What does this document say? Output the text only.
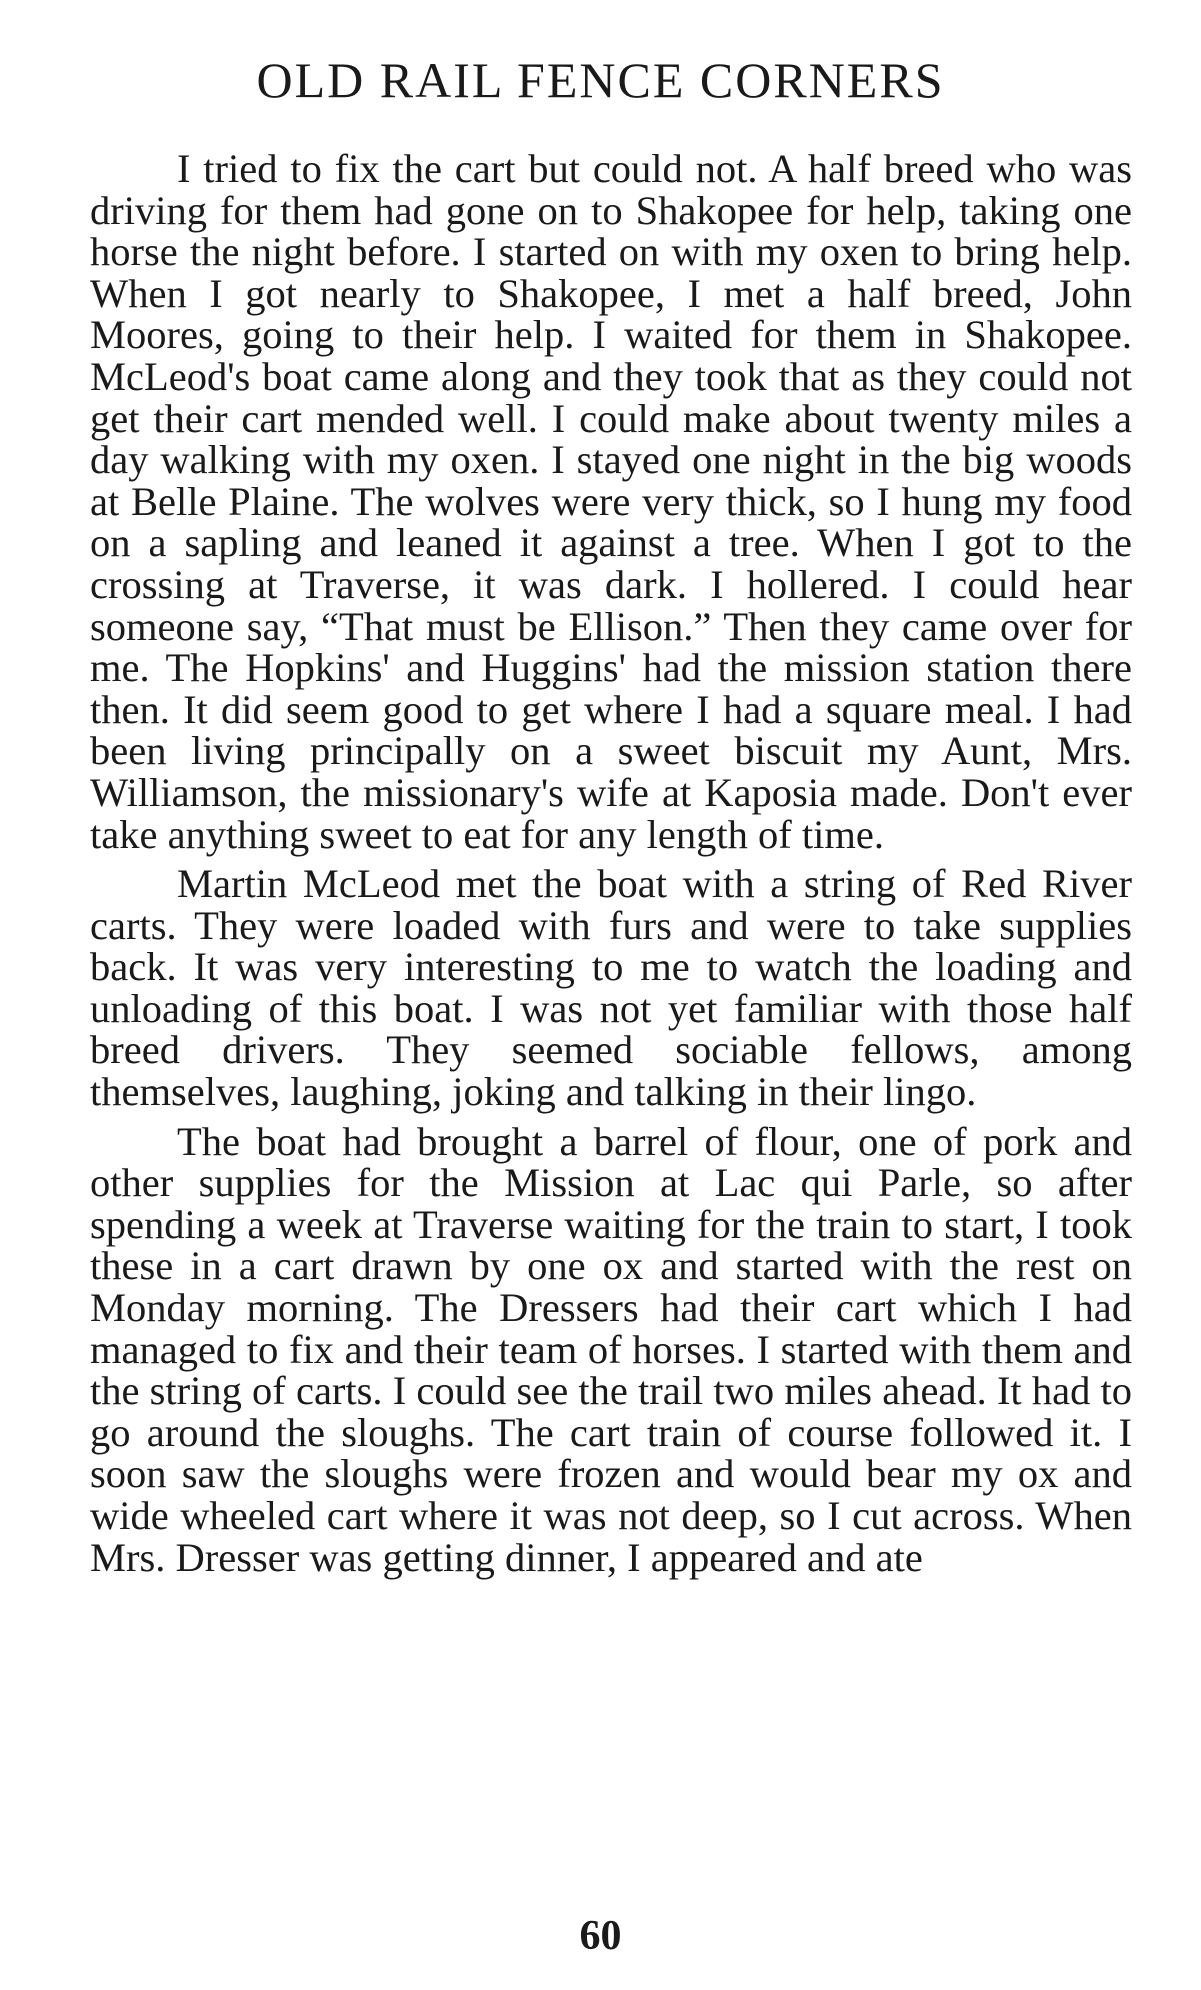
OLD RAIL FENCE CORNERS

I tried to fix the cart but could not. A half breed who was driving for them had gone on to Shakopee for help, taking one horse the night before. I started on with my oxen to bring help. When I got nearly to Shakopee, I met a half breed, John Moores, going to their help. I waited for them in Shakopee. McLeod's boat came along and they took that as they could not get their cart mended well. I could make about twenty miles a day walking with my oxen. I stayed one night in the big woods at Belle Plaine. The wolves were very thick, so I hung my food on a sapling and leaned it against a tree. When I got to the crossing at Traverse, it was dark. I hollered. I could hear someone say, “That must be Ellison.” Then they came over for me. The Hopkins' and Huggins' had the mission station there then. It did seem good to get where I had a square meal. I had been living principally on a sweet biscuit my Aunt, Mrs. Williamson, the missionary's wife at Kaposia made. Don't ever take anything sweet to eat for any length of time.

Martin McLeod met the boat with a string of Red River carts. They were loaded with furs and were to take supplies back. It was very interesting to me to watch the loading and unloading of this boat. I was not yet familiar with those half breed drivers. They seemed sociable fellows, among themselves, laughing, joking and talking in their lingo.

The boat had brought a barrel of flour, one of pork and other supplies for the Mission at Lac qui Parle, so after spending a week at Traverse waiting for the train to start, I took these in a cart drawn by one ox and started with the rest on Monday morning. The Dressers had their cart which I had managed to fix and their team of horses. I started with them and the string of carts. I could see the trail two miles ahead. It had to go around the sloughs. The cart train of course followed it. I soon saw the sloughs were frozen and would bear my ox and wide wheeled cart where it was not deep, so I cut across. When Mrs. Dresser was getting dinner, I appeared and ate

60
